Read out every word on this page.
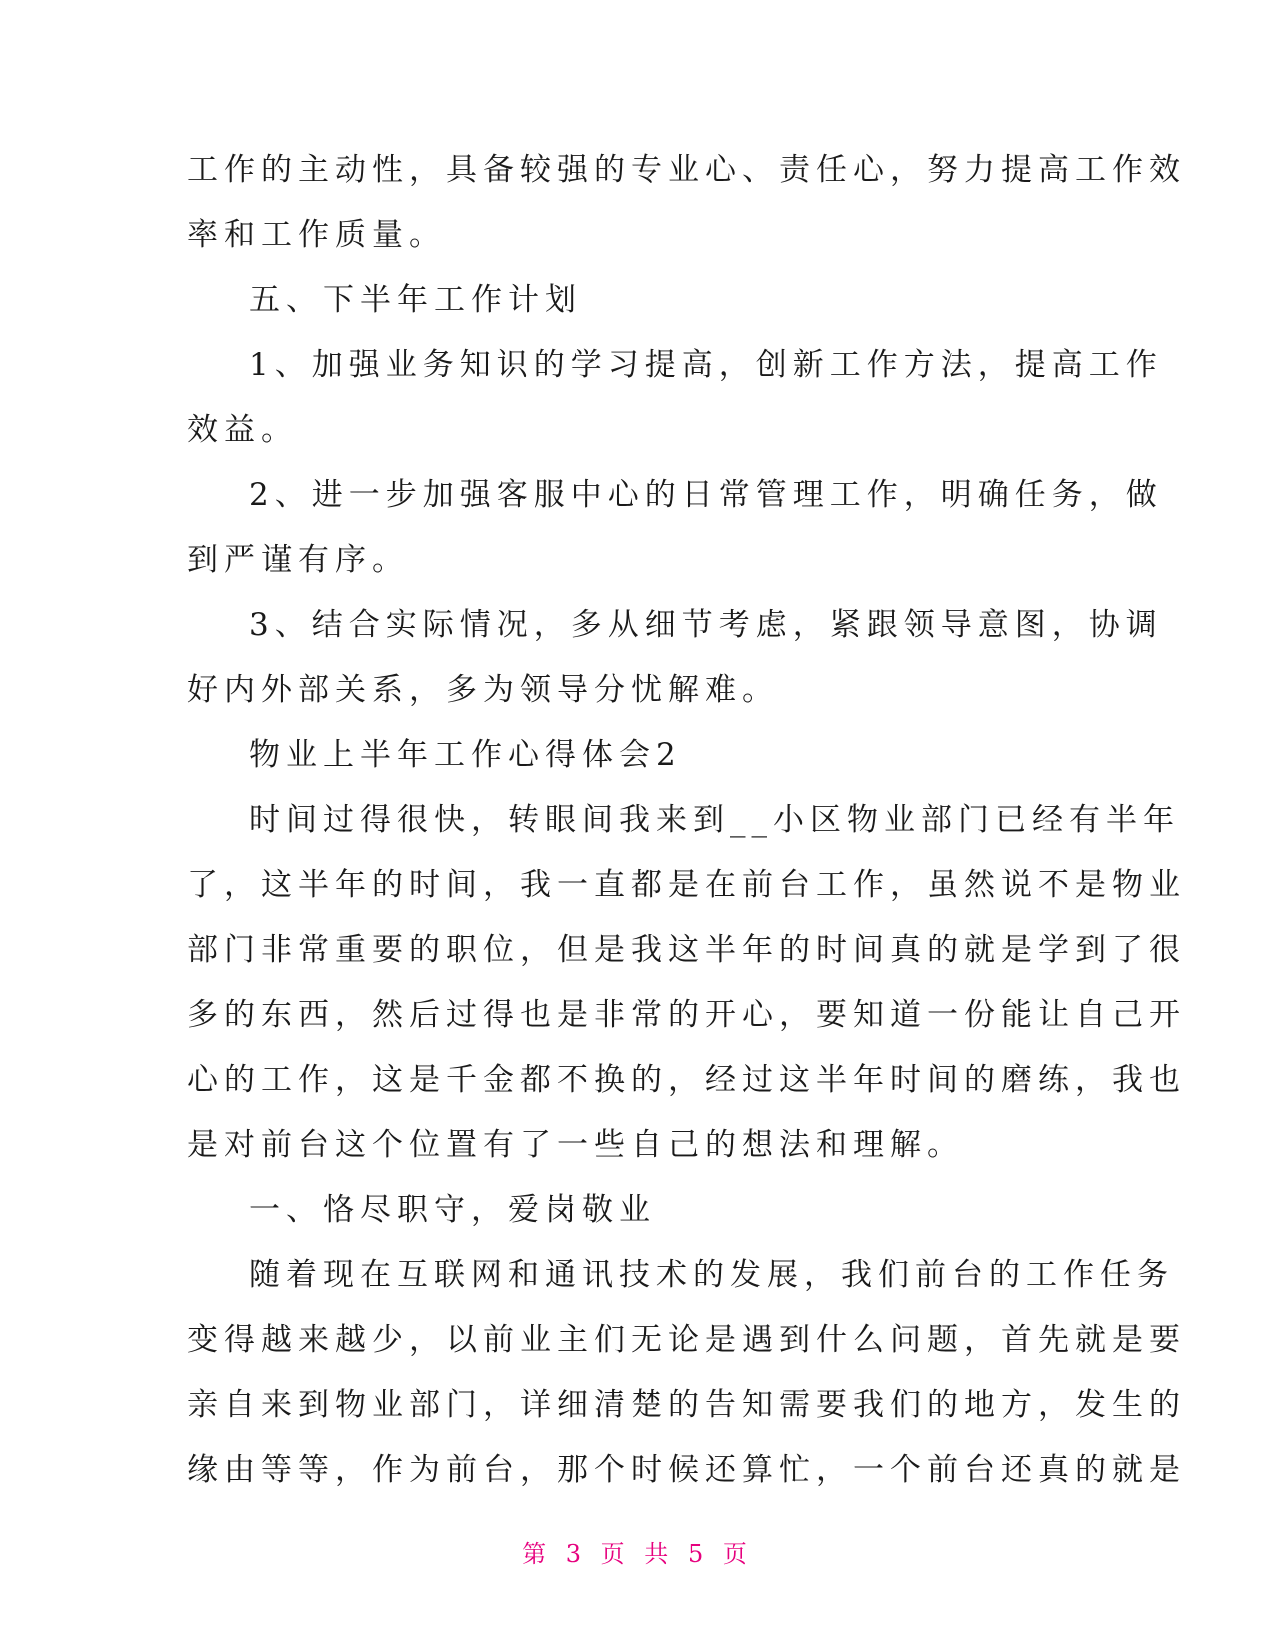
工作的主动性，具备较强的专业心、责任心，努力提高工作效
率和工作质量。
五、下半年工作计划
1、加强业务知识的学习提高，创新工作方法，提高工作
效益。
2、进一步加强客服中心的日常管理工作，明确任务，做
到严谨有序。
3、结合实际情况，多从细节考虑，紧跟领导意图，协调
好内外部关系，多为领导分忧解难。
物业上半年工作心得体会2
时间过得很快，转眼间我来到__小区物业部门已经有半年
了，这半年的时间，我一直都是在前台工作，虽然说不是物业
部门非常重要的职位，但是我这半年的时间真的就是学到了很
多的东西，然后过得也是非常的开心，要知道一份能让自己开
心的工作，这是千金都不换的，经过这半年时间的磨练，我也
是对前台这个位置有了一些自己的想法和理解。
一、恪尽职守，爱岗敬业
随着现在互联网和通讯技术的发展，我们前台的工作任务
变得越来越少，以前业主们无论是遇到什么问题，首先就是要
亲自来到物业部门，详细清楚的告知需要我们的地方，发生的
缘由等等，作为前台，那个时候还算忙，一个前台还真的就是
第 3 页 共 5 页
